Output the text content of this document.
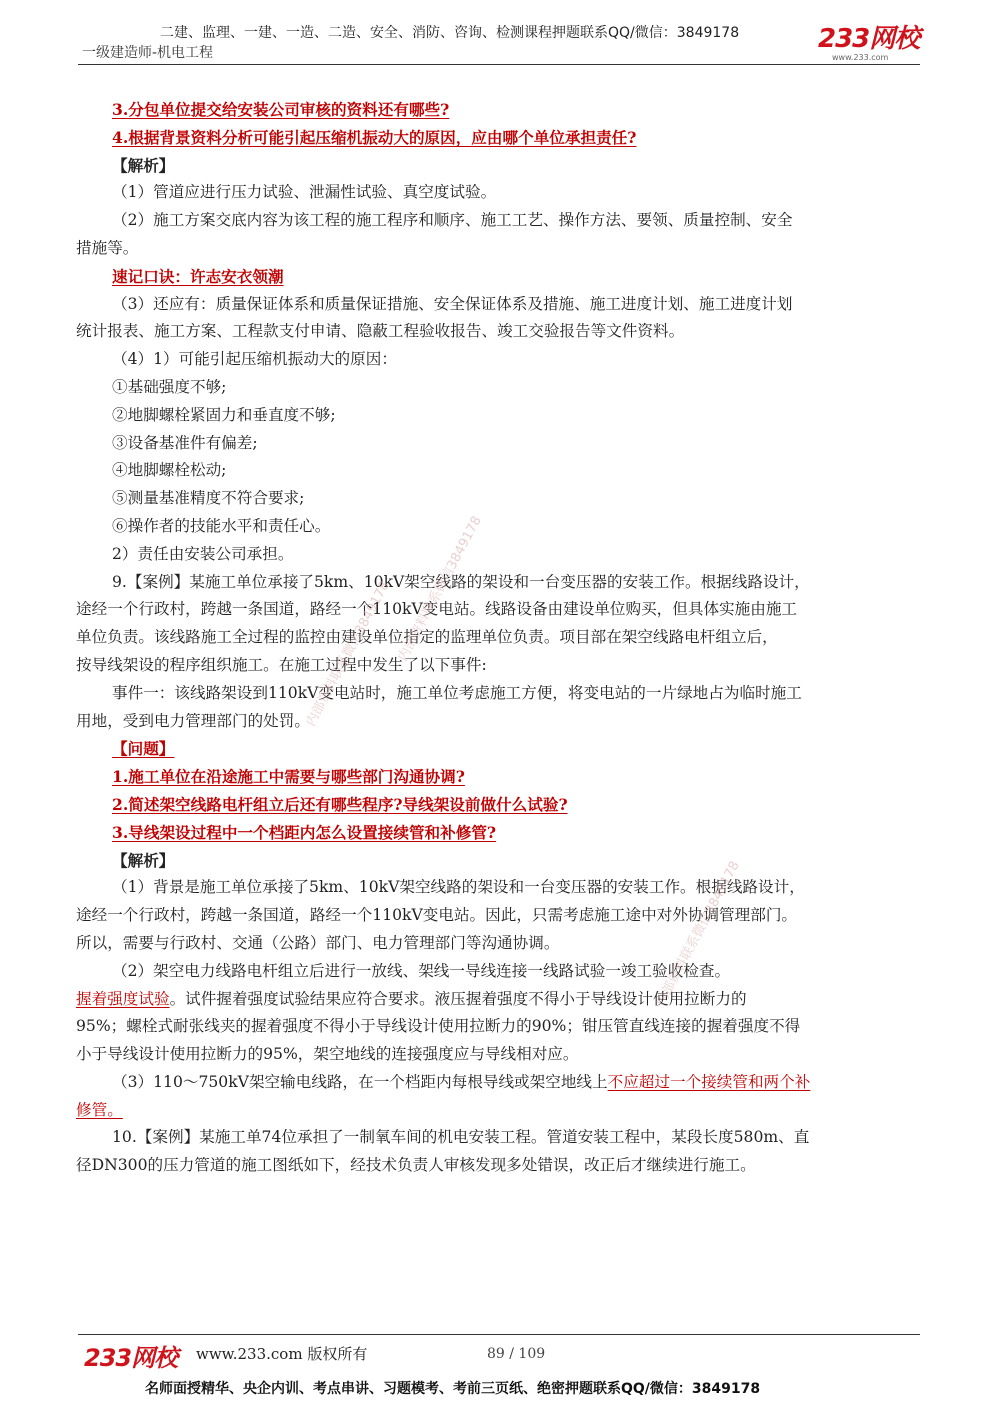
二建、监理、一建、一造、二造、安全、消防、咨询、检测课程押题联系QQ/微信：3849178
一级建造师-机电工程	233网校
www.233.com
3.分包单位提交给安装公司审核的资料还有哪些?
4.根据背景资料分析可能引起压缩机振动大的原因，应由哪个单位承担责任?
【解析】
（1）管道应进行压力试验、泄漏性试验、真空度试验。
（2）施工方案交底内容为该工程的施工程序和顺序、施工工艺、操作方法、要领、质量控制、安全
措施等。
速记口诀：许志安衣领潮
（3）还应有：质量保证体系和质量保证措施、安全保证体系及措施、施工进度计划、施工进度计划
统计报表、施工方案、工程款支付申请、隐蔽工程验收报告、竣工交验报告等文件资料。
（4）1）可能引起压缩机振动大的原因：
①基础强度不够;
②地脚螺栓紧固力和垂直度不够;
③设备基准件有偏差;
④地脚螺栓松动;
⑤测量基准精度不符合要求;
⑥操作者的技能水平和责任心。
2）责任由安装公司承担。
9.【案例】某施工单位承接了5km、10kV架空线路的架设和一台变压器的安装工作。根据线路设计，
途经一个行政村，跨越一条国道，路经一个110kV变电站。线路设备由建设单位购买，但具体实施由施工
单位负责。该线路施工全过程的监控由建设单位指定的监理单位负责。项目部在架空线路电杆组立后，
按导线架设的程序组织施工。在施工过程中发生了以下事件:
事件一：该线路架设到110kV变电站时，施工单位考虑施工方便，将变电站的一片绿地占为临时施工
用地，受到电力管理部门的处罚。
【问题】
1.施工单位在沿途施工中需要与哪些部门沟通协调?
2.简述架空线路电杆组立后还有哪些程序?导线架设前做什么试验?
3.导线架设过程中一个档距内怎么设置接续管和补修管?
【解析】
（1）背景是施工单位承接了5km、10kV架空线路的架设和一台变压器的安装工作。根据线路设计，
途经一个行政村，跨越一条国道，路经一个110kV变电站。因此，只需考虑施工途中对外协调管理部门。
所以，需要与行政村、交通（公路）部门、电力管理部门等沟通协调。
（2）架空电力线路电杆组立后进行一放线、架线一导线连接一线路试验一竣工验收检查。
握着强度试验。试件握着强度试验结果应符合要求。液压握着强度不得小于导线设计使用拉断力的
95%；螺栓式耐张线夹的握着强度不得小于导线设计使用拉断力的90%；钳压管直线连接的握着强度不得
小于导线设计使用拉断力的95%，架空地线的连接强度应与导线相对应。
（3）110～750kV架空输电线路，在一个档距内每根导线或架空地线上不应超过一个接续管和两个补
修管。
10.【案例】某施工单74位承担了一制氧车间的机电安装工程。管道安装工程中，某段长度580m、直
径DN300的压力管道的施工图纸如下，经技术负责人审核发现多处错误，改正后才继续进行施工。
内部资料联系微信3849178 内部资料联系微信3849178
内部资料联系微信3849178
233网校 www.233.com 版权所有	89 / 109
名师面授精华、央企内训、考点串讲、习题模考、考前三页纸、绝密押题联系QQ/微信：3849178
